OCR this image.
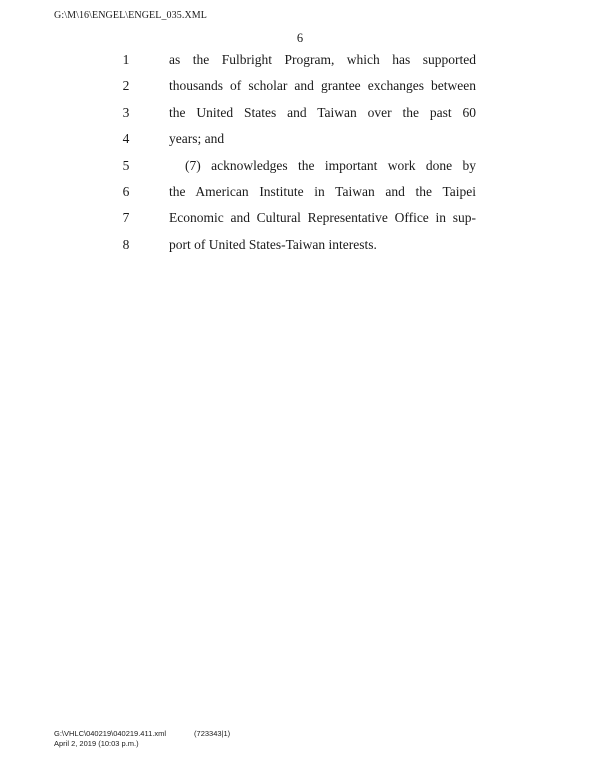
G:\M\16\ENGEL\ENGEL_035.XML
6
1	as the Fulbright Program, which has supported
2	thousands of scholar and grantee exchanges between
3	the United States and Taiwan over the past 60
4	years; and
5	(7) acknowledges the important work done by
6	the American Institute in Taiwan and the Taipei
7	Economic and Cultural Representative Office in sup-
8	port of United States-Taiwan interests.
G:\VHLC\040219\040219.411.xml	(723343|1)
April 2, 2019 (10:03 p.m.)
